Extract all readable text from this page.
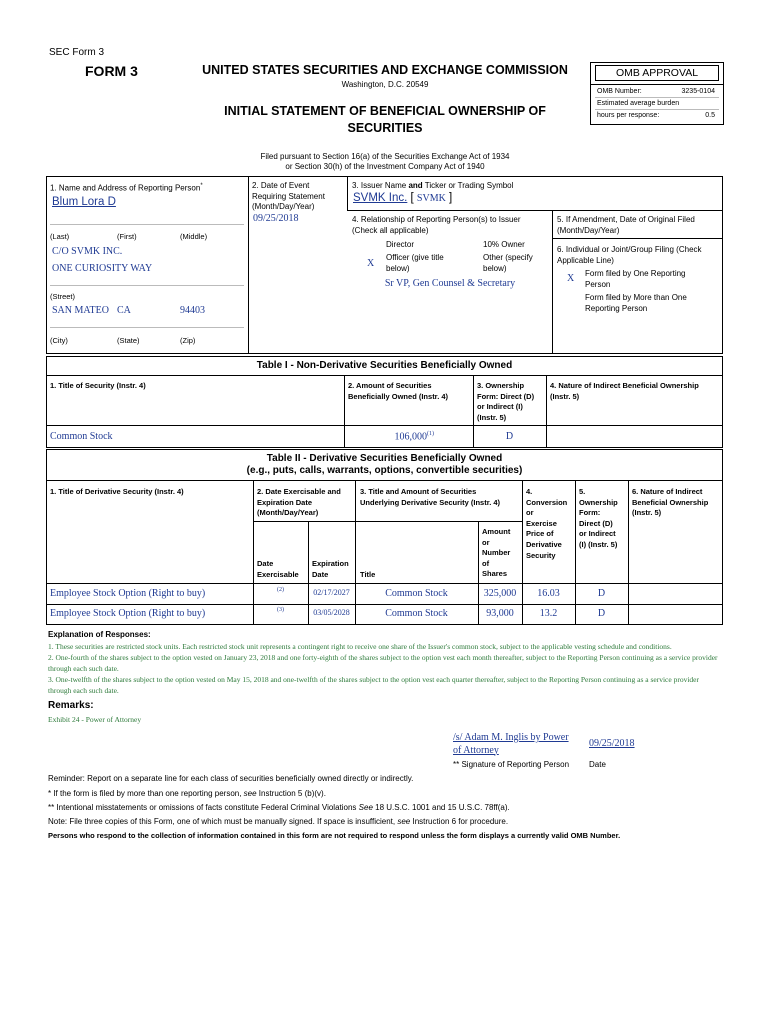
SEC Form 3
FORM 3	UNITED STATES SECURITIES AND EXCHANGE COMMISSION
Washington, D.C. 20549
INITIAL STATEMENT OF BENEFICIAL OWNERSHIP OF
SECURITIES
OMB APPROVAL
OMB Number:	3235-0104
Estimated average burden
hours per response:	0.5
Filed pursuant to Section 16(a) of the Securities Exchange Act of 1934
or Section 30(h) of the Investment Company Act of 1940
1. Name and Address of Reporting Person*
Blum Lora D
(Last)	(First)	(Middle)
C/O SVMK INC.
ONE CURIOSITY WAY
(Street)
SAN MATEO CA	94403
(City)	(State)	(Zip)
2. Date of Event
Requiring Statement
(Month/Day/Year)
09/25/2018
3. Issuer Name and Ticker or Trading Symbol
SVMK Inc. [ SVMK ]
4. Relationship of Reporting Person(s) to Issuer
(Check all applicable)
Director	10% Owner
X
Officer (give title
below)
Other (specify
below)
Sr VP, Gen Counsel & Secretary
5. If Amendment, Date of Original Filed
(Month/Day/Year)
6. Individual or Joint/Group Filing (Check
Applicable Line)
X Form filed by One Reporting
Person
Form filed by More than One
Reporting Person
Table I - Non-Derivative Securities Beneficially Owned
1. Title of Security (Instr. 4)	2. Amount of Securities
Beneficially Owned (Instr. 4)
3. Ownership
Form: Direct (D)
or Indirect (I)
(Instr. 5)
4. Nature of Indirect Beneficial Ownership
(Instr. 5)
Common Stock	106,000$^{(1)}$	D
Table II - Derivative Securities Beneficially Owned
(e.g., puts, calls, warrants, options, convertible securities)
1. Title of Derivative Security (Instr. 4)	2. Date Exercisable and
Expiration Date
(Month/Day/Year)
3. Title and Amount of Securities
Underlying Derivative Security (Instr. 4)
4.
Conversion
or
Exercise
Price of
Derivative
Security
5.
Ownership
Form:
Direct (D)
or Indirect
(I) (Instr. 5)
6. Nature of Indirect
Beneficial Ownership
(Instr. 5)
Date
Exercisable
Expiration
Date	Title
Amount
or
Number
of
Shares
Employee Stock Option (Right to buy)	(2)	02/17/2027	Common Stock	325,000	16.03	D
Employee Stock Option (Right to buy)	(3)	03/05/2028	Common Stock	93,000	13.2	D
Explanation of Responses:
1. These securities are restricted stock units. Each restricted stock unit represents a contingent right to receive one share of the Issuer's common stock, subject to the applicable vesting schedule and conditions.
2. One-fourth of the shares subject to the option vested on January 23, 2018 and one forty-eighth of the shares subject to the option vest each month thereafter, subject to the Reporting Person continuing as a service provider through each such date.
3. One-twelfth of the shares subject to the option vested on May 15, 2018 and one-twelfth of the shares subject to the option vest each quarter thereafter, subject to the Reporting Person continuing as a service provider through each such date.
Remarks:
Exhibit 24 - Power of Attorney
/s/ Adam M. Inglis by Power
of Attorney
09/25/2018
** Signature of Reporting Person Date
Reminder: Report on a separate line for each class of securities beneficially owned directly or indirectly.
* If the form is filed by more than one reporting person, see Instruction 5 (b)(v).
** Intentional misstatements or omissions of facts constitute Federal Criminal Violations See 18 U.S.C. 1001 and 15 U.S.C. 78ff(a).
Note: File three copies of this Form, one of which must be manually signed. If space is insufficient, see Instruction 6 for procedure.
Persons who respond to the collection of information contained in this form are not required to respond unless the form displays a currently valid OMB Number.
